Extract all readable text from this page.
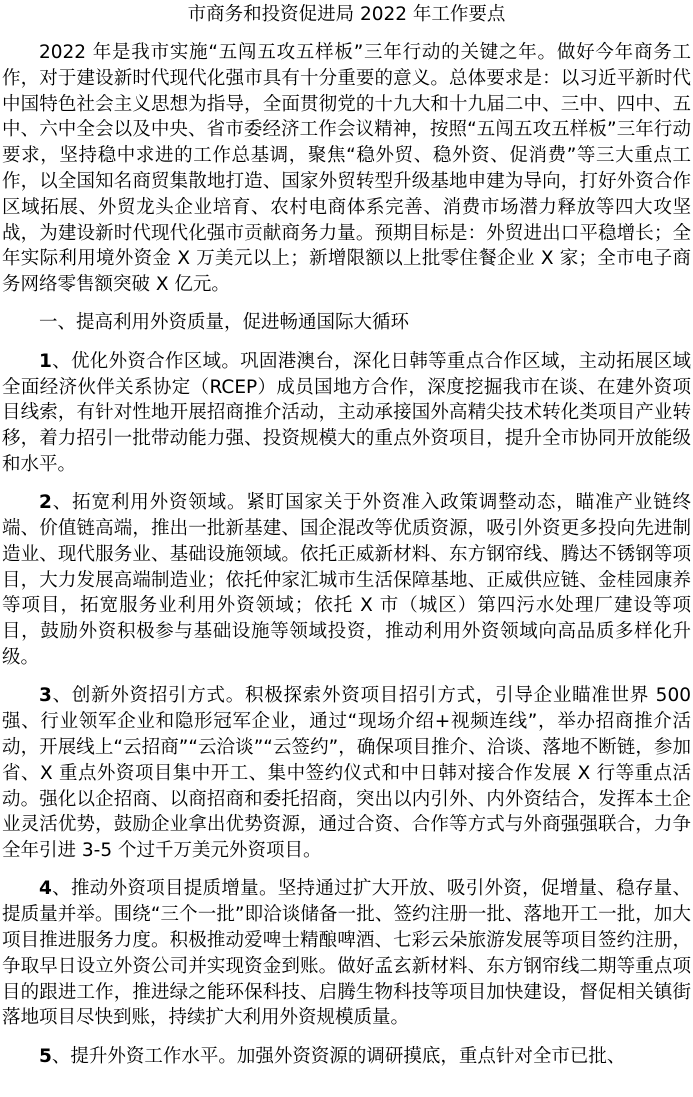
市商务和投资促进局 2022 年工作要点

2022 年是我市实施“五闯五攻五样板”三年行动的关键之年。做好今年商务工作，对于建设新时代现代化强市具有十分重要的意义。总体要求是：以习近平新时代中国特色社会主义思想为指导，全面贯彻党的十九大和十九届二中、三中、四中、五中、六中全会以及中央、省市委经济工作会议精神，按照“五闯五攻五样板”三年行动要求，坚持稳中求进的工作总基调，聚焦“稳外贸、稳外资、促消费”等三大重点工作，以全国知名商贸集散地打造、国家外贸转型升级基地申建为导向，打好外资合作区域拓展、外贸龙头企业培育、农村电商体系完善、消费市场潜力释放等四大攻坚战，为建设新时代现代化强市贡献商务力量。预期目标是：外贸进出口平稳增长；全年实际利用境外资金 X 万美元以上；新增限额以上批零住餐企业 X 家；全市电子商务网络零售额突破 X 亿元。

一、提高利用外资质量，促进畅通国际大循环

1、优化外资合作区域。巩固港澳台，深化日韩等重点合作区域，主动拓展区域全面经济伙伴关系协定（RCEP）成员国地方合作，深度挖掘我市在谈、在建外资项目线索，有针对性地开展招商推介活动，主动承接国外高精尖技术转化类项目产业转移，着力招引一批带动能力强、投资规模大的重点外资项目，提升全市协同开放能级和水平。

2、拓宽利用外资领域。紧盯国家关于外资准入政策调整动态，瞄准产业链终端、价值链高端，推出一批新基建、国企混改等优质资源，吸引外资更多投向先进制造业、现代服务业、基础设施领域。依托正威新材料、东方钢帘线、腾达不锈钢等项目，大力发展高端制造业；依托仲家汇城市生活保障基地、正威供应链、金桂园康养等项目，拓宽服务业利用外资领域；依托 X 市（城区）第四污水处理厂建设等项目，鼓励外资积极参与基础设施等领域投资，推动利用外资领域向高品质多样化升级。

3、创新外资招引方式。积极探索外资项目招引方式，引导企业瞄准世界 500 强、行业领军企业和隐形冠军企业，通过“现场介绍+视频连线”，举办招商推介活动，开展线上“云招商”“云洽谈”“云签约”，确保项目推介、洽谈、落地不断链，参加省、X 重点外资项目集中开工、集中签约仪式和中日韩对接合作发展 X 行等重点活动。强化以企招商、以商招商和委托招商，突出以内引外、内外资结合，发挥本土企业灵活优势，鼓励企业拿出优势资源，通过合资、合作等方式与外商强强联合，力争全年引进 3-5 个过千万美元外资项目。

4、推动外资项目提质增量。坚持通过扩大开放、吸引外资，促增量、稳存量、提质量并举。围绕“三个一批”即洽谈储备一批、签约注册一批、落地开工一批，加大项目推进服务力度。积极推动爱啤士精酿啤酒、七彩云朵旅游发展等项目签约注册，争取早日设立外资公司并实现资金到账。做好孟玄新材料、东方钢帘线二期等重点项目的跟进工作，推进绿之能环保科技、启腾生物科技等项目加快建设，督促相关镇街落地项目尽快到账，持续扩大利用外资规模质量。

5、提升外资工作水平。加强外资资源的调研摸底，重点针对全市已批、
